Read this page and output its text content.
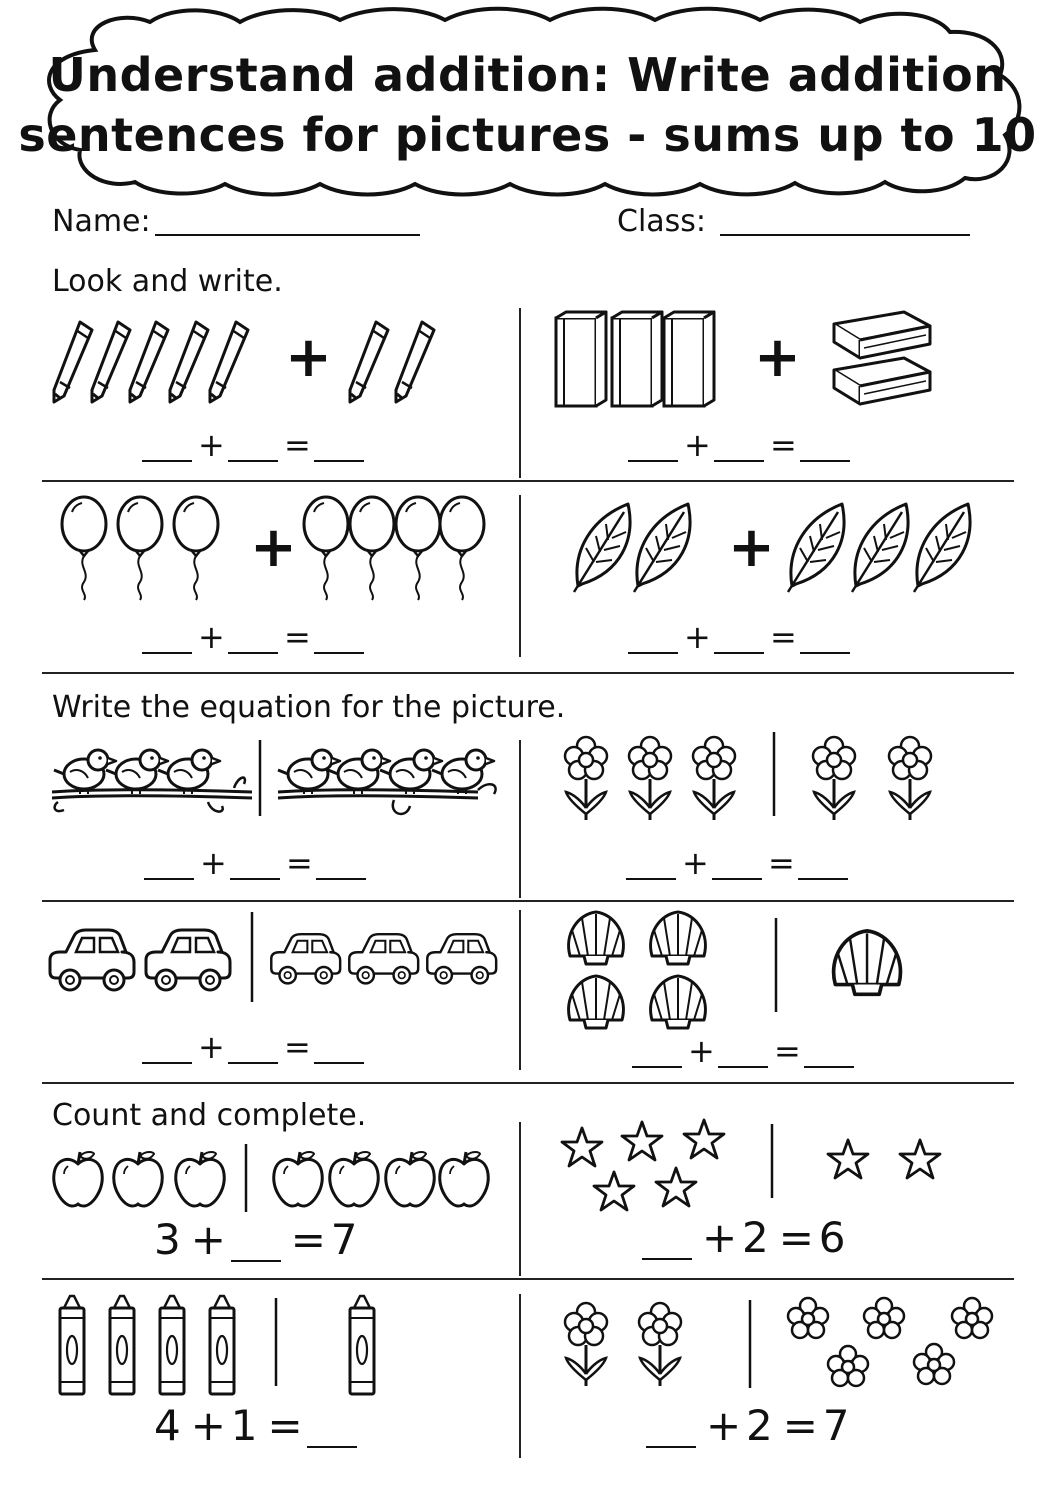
Understand addition: Write addition
sentences for pictures - sums up to 10
Name:	Class:
Look and write.
+
+ =
+
+ =
+
+ =
+
+ =
Write the equation for the picture.
+ =	+ =
+ =	+ =
Count and complete.
3 + = 7	+ 2 = 6
4 + 1 =	+ 2 = 7
